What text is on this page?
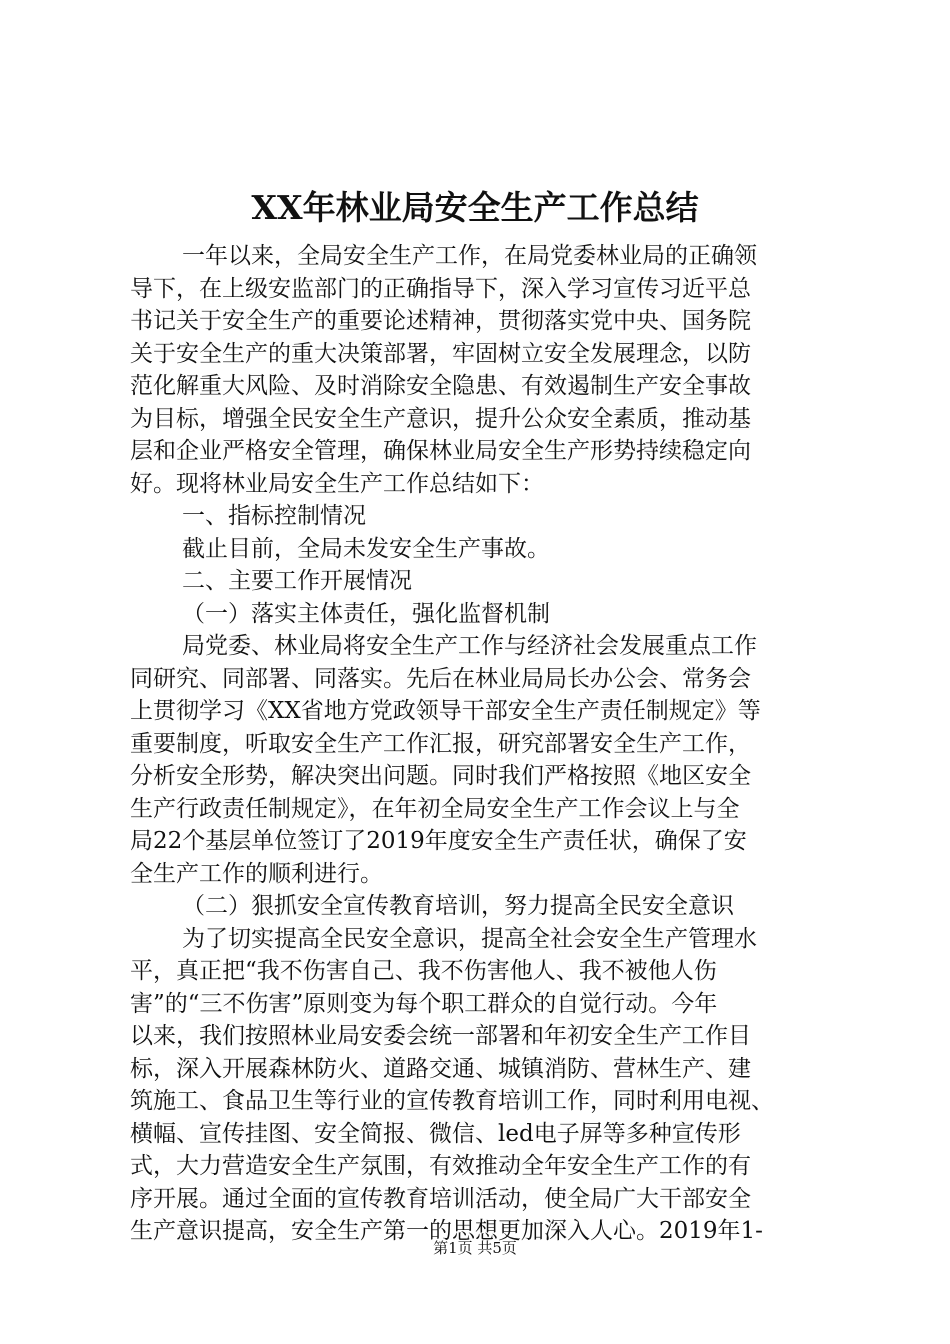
XX年林业局安全生产工作总结
一年以来，全局安全生产工作，在局党委林业局的正确领
导下，在上级安监部门的正确指导下，深入学习宣传习近平总
书记关于安全生产的重要论述精神，贯彻落实党中央、国务院
关于安全生产的重大决策部署，牢固树立安全发展理念，以防
范化解重大风险、及时消除安全隐患、有效遏制生产安全事故
为目标，增强全民安全生产意识，提升公众安全素质，推动基
层和企业严格安全管理，确保林业局安全生产形势持续稳定向
好。现将林业局安全生产工作总结如下：
一、指标控制情况
截止目前，全局未发安全生产事故。
二、主要工作开展情况
（一）落实主体责任，强化监督机制
局党委、林业局将安全生产工作与经济社会发展重点工作
同研究、同部署、同落实。先后在林业局局长办公会、常务会
上贯彻学习《XX省地方党政领导干部安全生产责任制规定》等
重要制度，听取安全生产工作汇报，研究部署安全生产工作，
分析安全形势，解决突出问题。同时我们严格按照《地区安全
生产行政责任制规定》，在年初全局安全生产工作会议上与全
局22个基层单位签订了2019年度安全生产责任状，确保了安
全生产工作的顺利进行。
（二）狠抓安全宣传教育培训，努力提高全民安全意识
为了切实提高全民安全意识，提高全社会安全生产管理水
平，真正把“我不伤害自己、我不伤害他人、我不被他人伤
害”的“三不伤害”原则变为每个职工群众的自觉行动。今年
以来，我们按照林业局安委会统一部署和年初安全生产工作目
标，深入开展森林防火、道路交通、城镇消防、营林生产、建
筑施工、食品卫生等行业的宣传教育培训工作，同时利用电视、
横幅、宣传挂图、安全简报、微信、led电子屏等多种宣传形
式，大力营造安全生产氛围，有效推动全年安全生产工作的有
序开展。通过全面的宣传教育培训活动，使全局广大干部安全
生产意识提高，安全生产第一的思想更加深入人心。2019年1-
第1页 共5页
